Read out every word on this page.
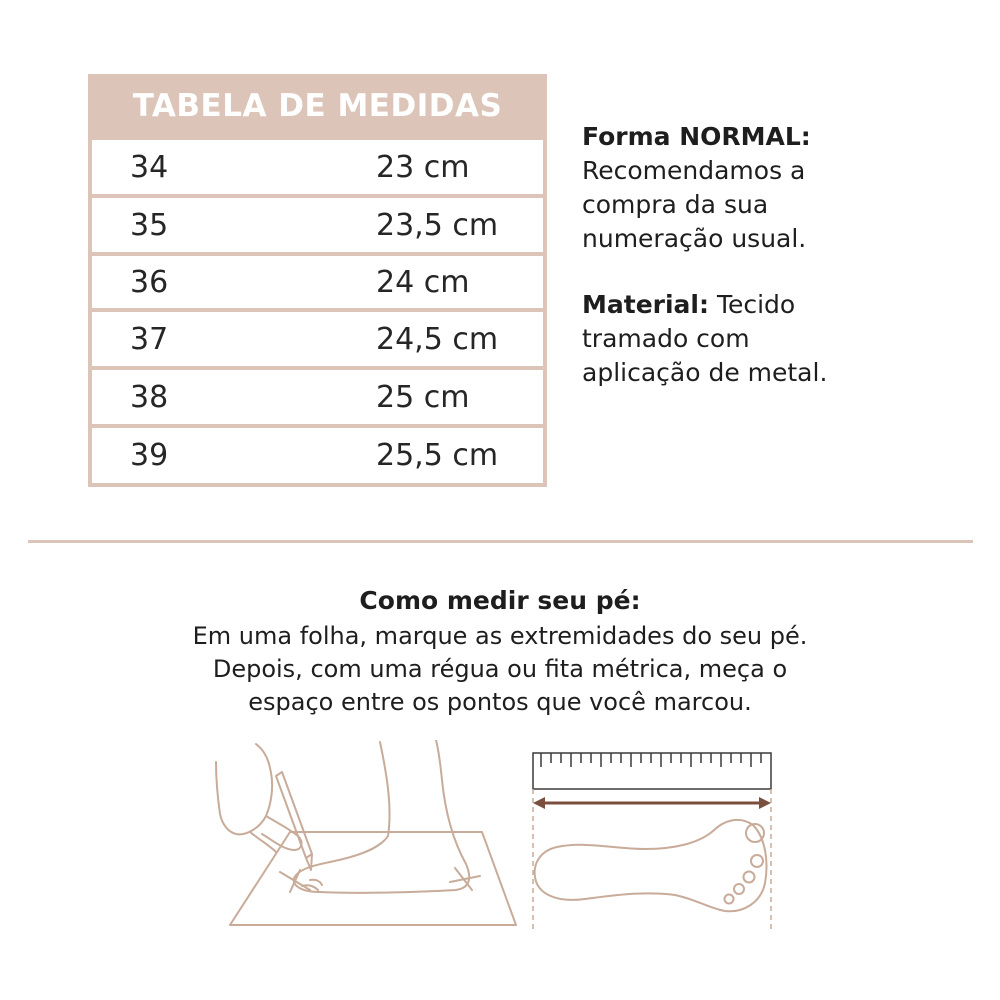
TABELA DE MEDIDAS
34	23 cm
35	23,5 cm
36	24 cm
37	24,5 cm
38	25 cm
39	25,5 cm
Forma NORMAL:
Recomendamos a
compra da sua
numeração usual.
Material: Tecido
tramado com
aplicação de metal.
Como medir seu pé:
Em uma folha, marque as extremidades do seu pé.
Depois, com uma régua ou fita métrica, meça o
espaço entre os pontos que você marcou.
